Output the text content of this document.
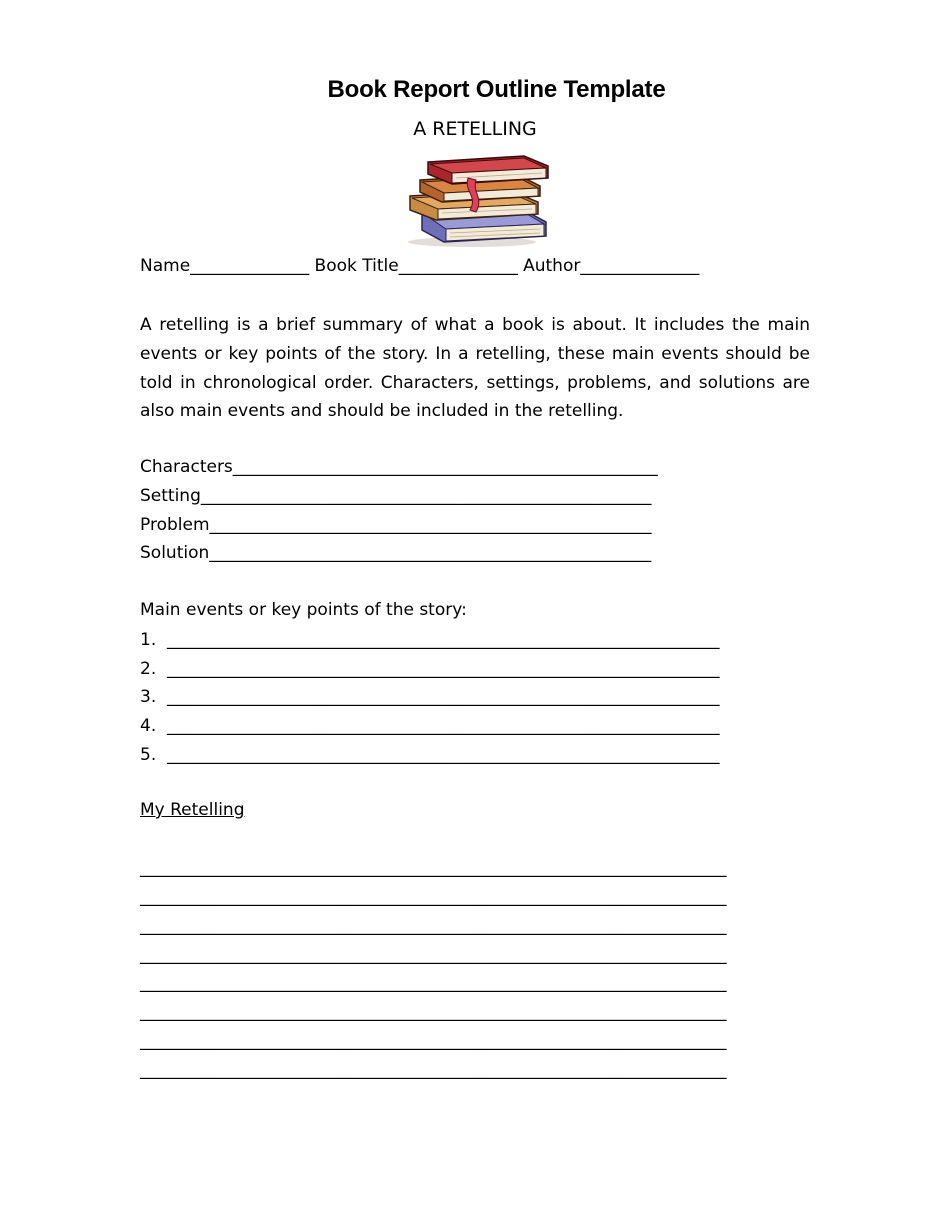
Book Report Outline Template
A RETELLING
Name______________ Book Title______________ Author______________
A retelling is a brief summary of what a book is about. It includes the main events or key points of the story. In a retelling, these main events should be told in chronological order. Characters, settings, problems, and solutions are also main events and should be included in the retelling.
Characters__________________________________________________
Setting_____________________________________________________
Problem____________________________________________________
Solution____________________________________________________
Main events or key points of the story:
1.  _________________________________________________________________
2.  _________________________________________________________________
3.  _________________________________________________________________
4.  _________________________________________________________________
5.  _________________________________________________________________
My Retelling
_____________________________________________________________________
_____________________________________________________________________
_____________________________________________________________________
_____________________________________________________________________
_____________________________________________________________________
_____________________________________________________________________
_____________________________________________________________________
_____________________________________________________________________
